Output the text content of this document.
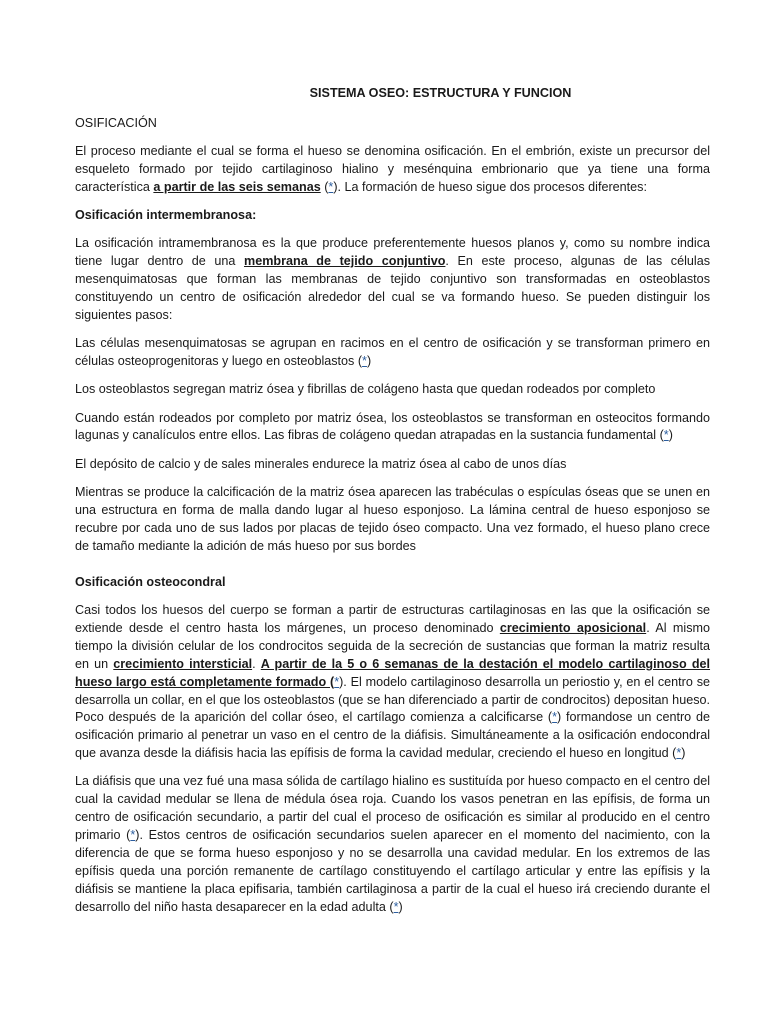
SISTEMA OSEO: ESTRUCTURA Y FUNCION
OSIFICACIÓN
El proceso mediante el cual se forma el hueso se denomina osificación. En el embrión, existe un precursor del esqueleto formado por tejido cartilaginoso hialino y mesénquina embrionario que ya tiene una forma característica a partir de las seis semanas (*). La formación de hueso sigue dos procesos diferentes:
Osificación intermembranosa:
La osificación intramembranosa es la que produce preferentemente huesos planos y, como su nombre indica tiene lugar dentro de una membrana de tejido conjuntivo. En este proceso, algunas de las células mesenquimatosas que forman las membranas de tejido conjuntivo son transformadas en osteoblastos constituyendo un centro de osificación alrededor del cual se va formando hueso. Se pueden distinguir los siguientes pasos:
Las células mesenquimatosas se agrupan en racimos en el centro de osificación y se transforman primero en células osteoprogenitoras y luego en osteoblastos (*)
Los osteoblastos segregan matriz ósea y fibrillas de colágeno hasta que quedan rodeados por completo
Cuando están rodeados por completo por matriz ósea, los osteoblastos se transforman en osteocitos formando lagunas y canalículos entre ellos. Las fibras de colágeno quedan atrapadas en la sustancia fundamental (*)
El depósito de calcio y de sales minerales endurece la matriz ósea al cabo de unos días
Mientras se produce la calcificación de la matriz ósea aparecen las trabéculas o espículas óseas que se unen en una estructura en forma de malla dando lugar al hueso esponjoso. La lámina central de hueso esponjoso se recubre por cada uno de sus lados por placas de tejido óseo compacto. Una vez formado, el hueso plano crece de tamaño mediante la adición de más hueso por sus bordes
Osificación osteocondral
Casi todos los huesos del cuerpo se forman a partir de estructuras cartilaginosas en las que la osificación se extiende desde el centro hasta los márgenes, un proceso denominado crecimiento aposicional. Al mismo tiempo la división celular de los condrocitos seguida de la secreción de sustancias que forman la matriz resulta en un crecimiento intersticial. A partir de la 5 o 6 semanas de la destación el modelo cartilaginoso del hueso largo está completamente formado (*). El modelo cartilaginoso desarrolla un periostio y, en el centro se desarrolla un collar, en el que los osteoblastos (que se han diferenciado a partir de condrocitos) depositan hueso. Poco después de la aparición del collar óseo, el cartílago comienza a calcificarse (*) formandose un centro de osificación primario al penetrar un vaso en el centro de la diáfisis. Simultáneamente a la osificación endocondral que avanza desde la diáfisis hacia las epífisis de forma la cavidad medular, creciendo el hueso en longitud (*)
La diáfisis que una vez fué una masa sólida de cartílago hialino es sustituída por hueso compacto en el centro del cual la cavidad medular se llena de médula ósea roja. Cuando los vasos penetran en las epífisis, de forma un centro de osificación secundario, a partir del cual el proceso de osificación es similar al producido en el centro primario (*). Estos centros de osificación secundarios suelen aparecer en el momento del nacimiento, con la diferencia de que se forma hueso esponjoso y no se desarrolla una cavidad medular. En los extremos de las epífisis queda una porción remanente de cartílago constituyendo el cartílago articular y entre las epífisis y la diáfisis se mantiene la placa epifisaria, también cartilaginosa a partir de la cual el hueso irá creciendo durante el desarrollo del niño hasta desaparecer en la edad adulta (*)
